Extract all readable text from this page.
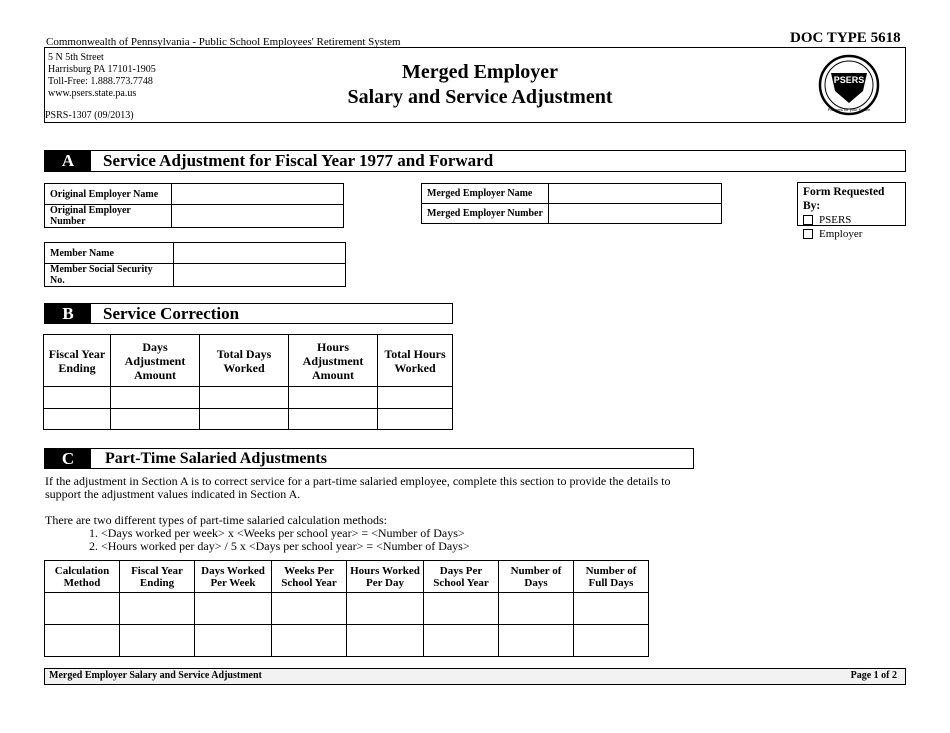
Commonwealth of Pennsylvania - Public School Employees' Retirement System	DOC TYPE 5618
5 N 5th Street
Harrisburg PA 17101-1905
Toll-Free: 1.888.773.7748
www.psers.state.pa.us
PSRS-1307 (09/2013)
Merged Employer
Salary and Service Adjustment
PSERS
Partners for your Future
A	Service Adjustment for Fiscal Year 1977 and Forward
Original Employer Name	
Original Employer Number	
Merged Employer Name	
Merged Employer Number	
Form Requested By:
PSERS
Employer
Member Name	
Member Social Security No.	
B	Service Correction
Fiscal Year Ending	Days Adjustment Amount	Total Days Worked	Hours Adjustment Amount	Total Hours Worked

C	Part-Time Salaried Adjustments
If the adjustment in Section A is to correct service for a part-time salaried employee, complete this section to provide the details to support the adjustment values indicated in Section A.
There are two different types of part-time salaried calculation methods:
1. <Days worked per week> x <Weeks per school year> = <Number of Days>
2. <Hours worked per day> / 5 x <Days per school year> = <Number of Days>
Calculation Method	Fiscal Year Ending	Days Worked Per Week	Weeks Per School Year	Hours Worked Per Day	Days Per School Year	Number of Days	Number of Full Days

Merged Employer Salary and Service Adjustment	Page 1 of 2
